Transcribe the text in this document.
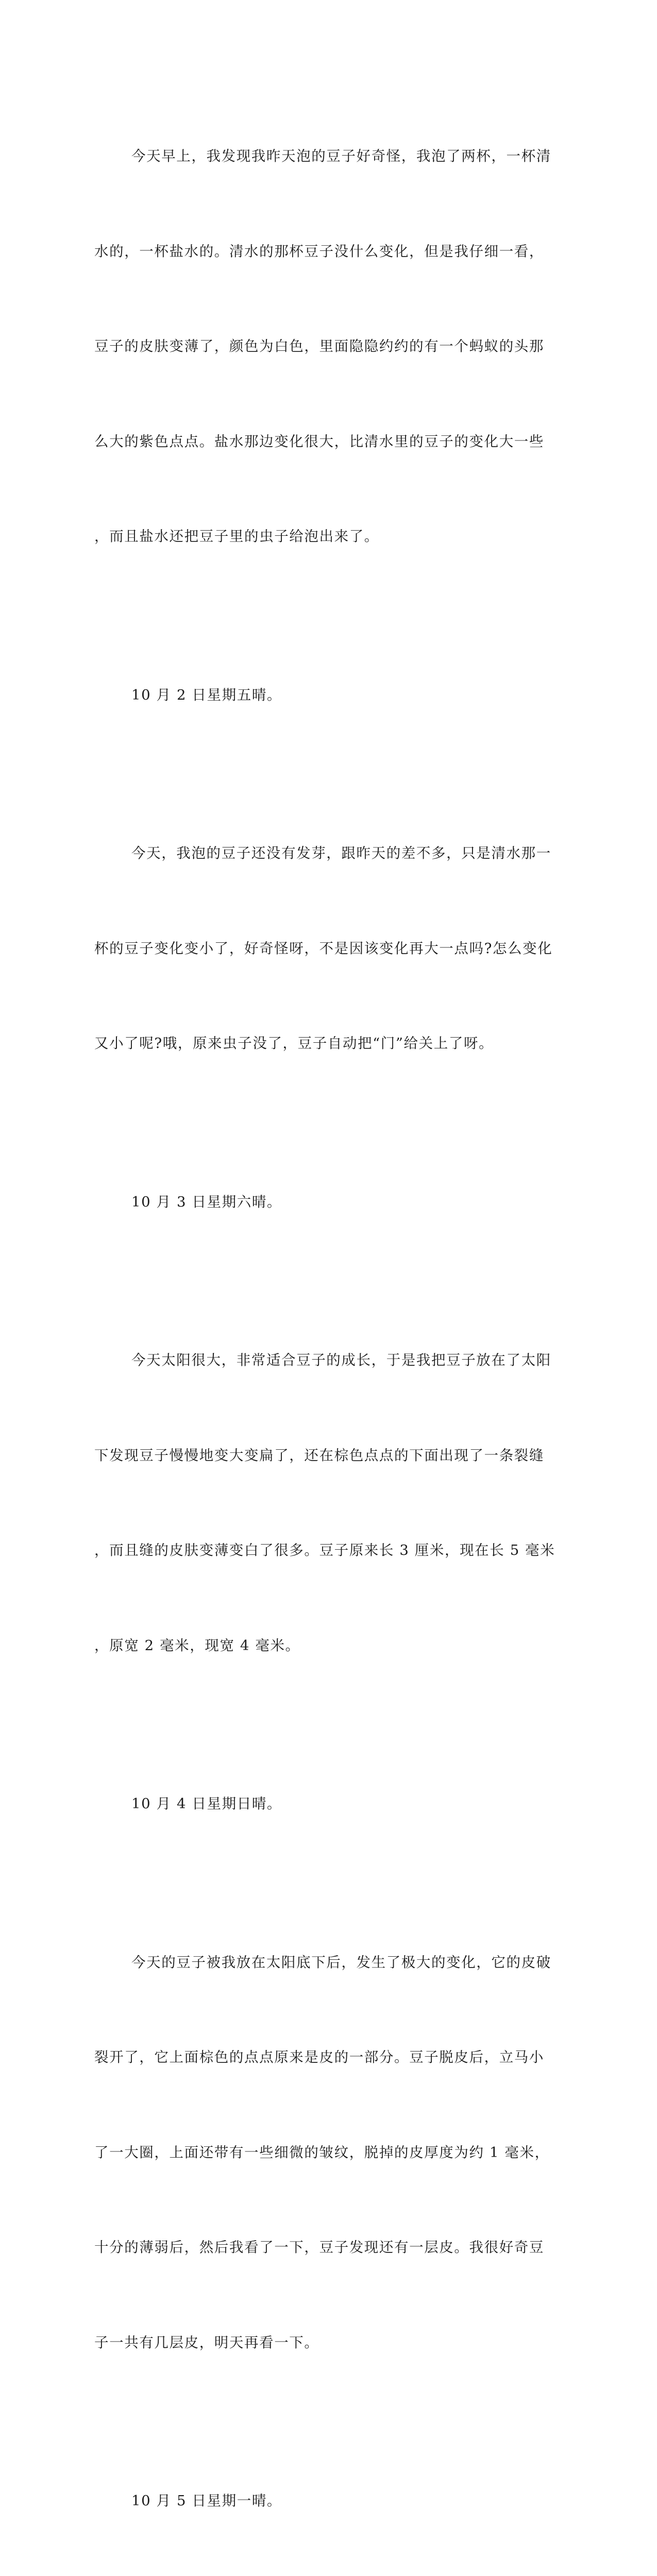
今天早上，我发现我昨天泡的豆子好奇怪，我泡了两杯，一杯清

水的，一杯盐水的。清水的那杯豆子没什么变化，但是我仔细一看，

豆子的皮肤变薄了，颜色为白色，里面隐隐约约的有一个蚂蚁的头那

么大的紫色点点。盐水那边变化很大，比清水里的豆子的变化大一些

，而且盐水还把豆子里的虫子给泡出来了。

10 月 2 日星期五晴。

今天，我泡的豆子还没有发芽，跟昨天的差不多，只是清水那一

杯的豆子变化变小了，好奇怪呀，不是因该变化再大一点吗?怎么变化

又小了呢?哦，原来虫子没了，豆子自动把“门”给关上了呀。

10 月 3 日星期六晴。

今天太阳很大，非常适合豆子的成长，于是我把豆子放在了太阳

下发现豆子慢慢地变大变扁了，还在棕色点点的下面出现了一条裂缝

，而且缝的皮肤变薄变白了很多。豆子原来长 3 厘米，现在长 5 毫米

，原宽 2 毫米，现宽 4 毫米。

10 月 4 日星期日晴。

今天的豆子被我放在太阳底下后，发生了极大的变化，它的皮破

裂开了，它上面棕色的点点原来是皮的一部分。豆子脱皮后，立马小

了一大圈，上面还带有一些细微的皱纹，脱掉的皮厚度为约 1 毫米，

十分的薄弱后，然后我看了一下，豆子发现还有一层皮。我很好奇豆

子一共有几层皮，明天再看一下。

10 月 5 日星期一晴。
